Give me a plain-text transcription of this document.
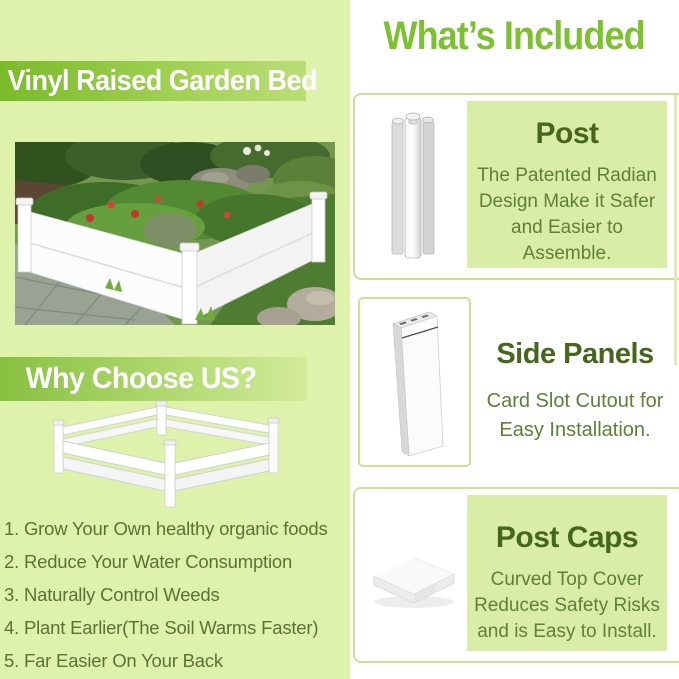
Vinyl Raised Garden Bed
Why Choose US?
1. Grow Your Own healthy organic foods
2. Reduce Your Water Consumption
3. Naturally Control Weeds
4. Plant Earlier(The Soil Warms Faster)
5. Far Easier On Your Back
What’s Included
Post
The Patented Radian Design Make it Safer and Easier to Assemble.
Side Panels
Card Slot Cutout for Easy Installation.
Post Caps
Curved Top Cover Reduces Safety Risks and is Easy to Install.
